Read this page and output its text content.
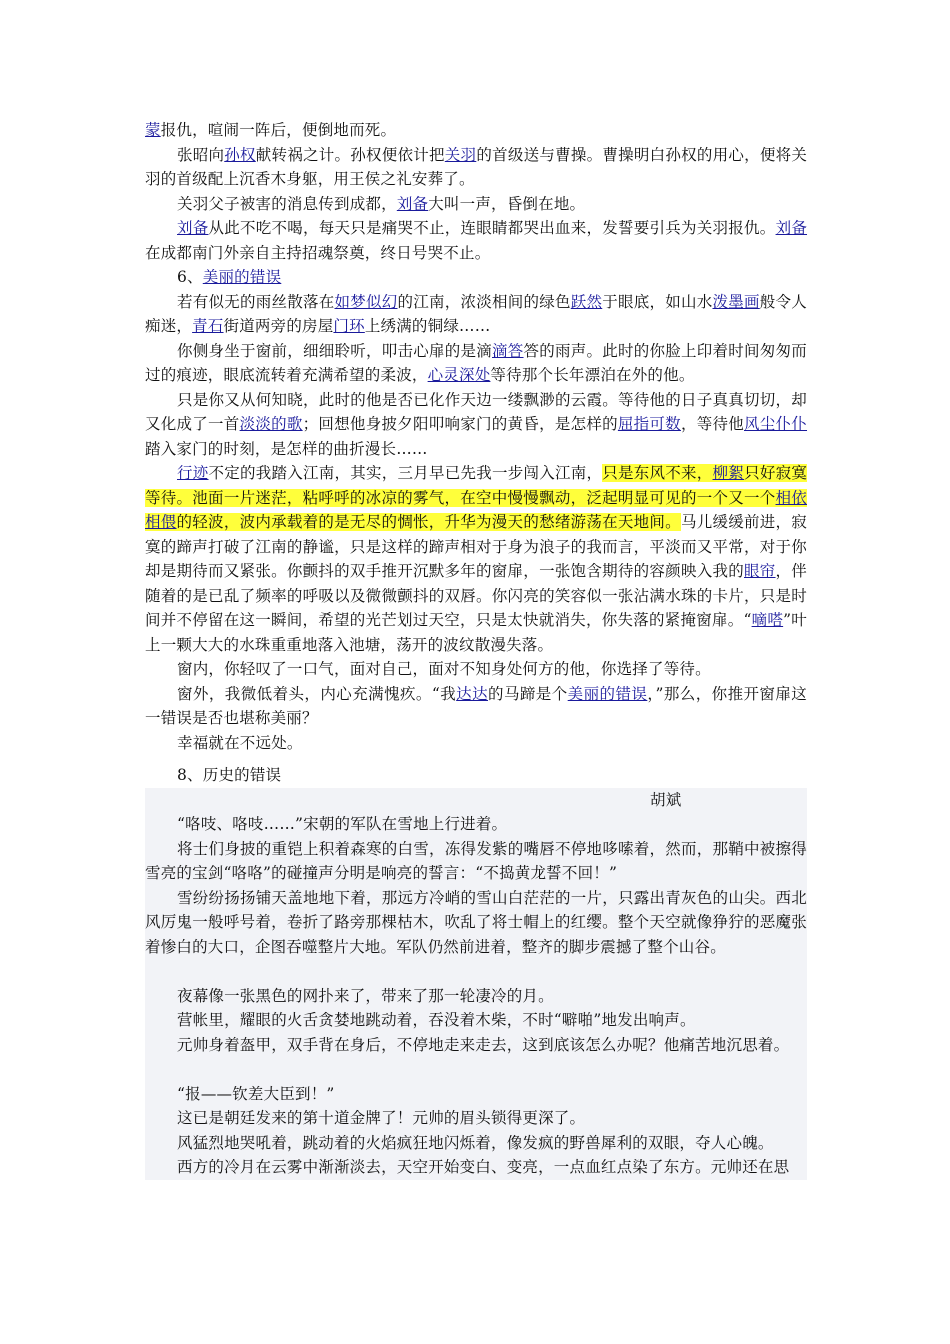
蒙报仇，喧闹一阵后，便倒地而死。

张昭向孙权献转祸之计。孙权便依计把关羽的首级送与曹操。曹操明白孙权的用心，便将关羽的首级配上沉香木身躯，用王侯之礼安葬了。

关羽父子被害的消息传到成都，刘备大叫一声，昏倒在地。

刘备从此不吃不喝，每天只是痛哭不止，连眼睛都哭出血来，发誓要引兵为关羽报仇。刘备在成都南门外亲自主持招魂祭奠，终日号哭不止。

6、美丽的错误

若有似无的雨丝散落在如梦似幻的江南，浓淡相间的绿色跃然于眼底，如山水泼墨画般令人痴迷，青石街道两旁的房屋门环上绣满的铜绿……

你侧身坐于窗前，细细聆听，叩击心扉的是滴滴答答的雨声。此时的你脸上印着时间匆匆而过的痕迹，眼底流转着充满希望的柔波，心灵深处等待那个长年漂泊在外的他。

只是你又从何知晓，此时的他是否已化作天边一缕飘渺的云霞。等待他的日子真真切切，却又化成了一首淡淡的歌；回想他身披夕阳叩响家门的黄昏，是怎样的屈指可数，等待他风尘仆仆踏入家门的时刻，是怎样的曲折漫长……

行迹不定的我踏入江南，其实，三月早已先我一步闯入江南，只是东风不来，柳絮只好寂寞等待。池面一片迷茫，粘呼呼的冰凉的雾气，在空中慢慢飘动，泛起明显可见的一个又一个相依相偎的轻波，波内承载着的是无尽的惆怅，升华为漫天的愁绪游荡在天地间。马儿缓缓前进，寂寞的蹄声打破了江南的静谧，只是这样的蹄声相对于身为浪子的我而言，平淡而又平常，对于你却是期待而又紧张。你颤抖的双手推开沉默多年的窗扉，一张饱含期待的容颜映入我的眼帘，伴随着的是已乱了频率的呼吸以及微微颤抖的双唇。你闪亮的笑容似一张沾满水珠的卡片，只是时间并不停留在这一瞬间，希望的光芒划过天空，只是太快就消失，你失落的紧掩窗扉。“嘀嗒”叶上一颗大大的水珠重重地落入池塘，荡开的波纹散漫失落。

窗内，你轻叹了一口气，面对自己，面对不知身处何方的他，你选择了等待。

窗外，我微低着头，内心充满愧疚。“我达达的马蹄是个美丽的错误，”那么，你推开窗扉这一错误是否也堪称美丽？

幸福就在不远处。

8、历史的错误

胡斌

“咯吱、咯吱……”宋朝的军队在雪地上行进着。

将士们身披的重铠上积着森寒的白雪，冻得发紫的嘴唇不停地哆嗦着，然而，那鞘中被擦得雪亮的宝剑“咯咯”的碰撞声分明是响亮的誓言：“不捣黄龙誓不回！”

雪纷纷扬扬铺天盖地地下着，那远方冷峭的雪山白茫茫的一片，只露出青灰色的山尖。西北风厉鬼一般呼号着，卷折了路旁那棵枯木，吹乱了将士帽上的红缨。整个天空就像狰狞的恶魔张着惨白的大口，企图吞噬整片大地。军队仍然前进着，整齐的脚步震撼了整个山谷。

夜幕像一张黑色的网扑来了，带来了那一轮凄冷的月。

营帐里，耀眼的火舌贪婪地跳动着，吞没着木柴，不时“噼啪”地发出响声。

元帅身着盔甲，双手背在身后，不停地走来走去，这到底该怎么办呢？他痛苦地沉思着。

“报——钦差大臣到！”

这已是朝廷发来的第十道金牌了！元帅的眉头锁得更深了。

风猛烈地哭吼着，跳动着的火焰疯狂地闪烁着，像发疯的野兽犀利的双眼，夺人心魄。

西方的冷月在云雾中渐渐淡去，天空开始变白、变亮，一点血红点染了东方。元帅还在思
